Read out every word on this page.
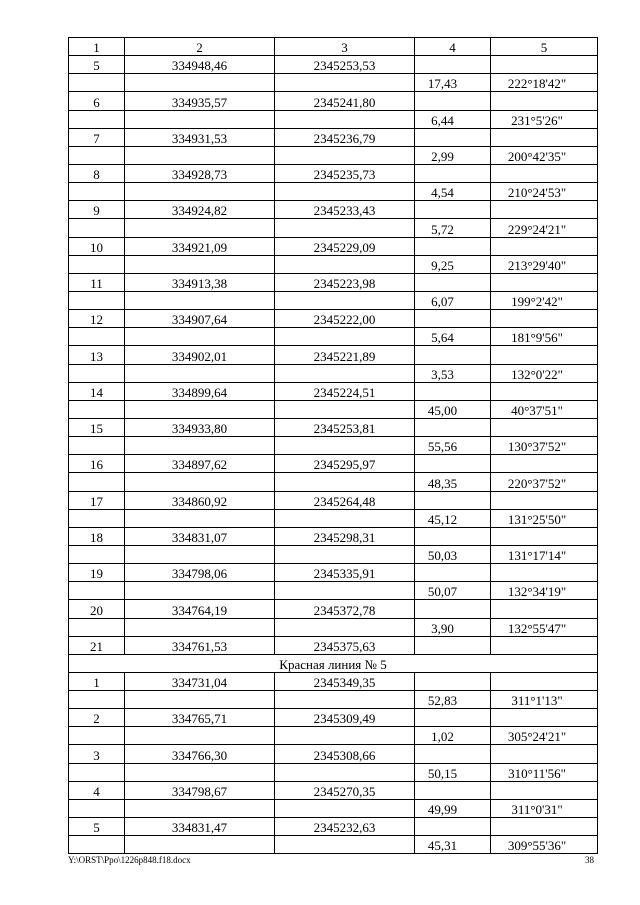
1	2	3	4	5
5	334948,46	2345253,53		
			17,43	222°18'42"
6	334935,57	2345241,80		
			6,44	231°5'26"
7	334931,53	2345236,79		
			2,99	200°42'35"
8	334928,73	2345235,73		
			4,54	210°24'53"
9	334924,82	2345233,43		
			5,72	229°24'21"
10	334921,09	2345229,09		
			9,25	213°29'40"
11	334913,38	2345223,98		
			6,07	199°2'42"
12	334907,64	2345222,00		
			5,64	181°9'56"
13	334902,01	2345221,89		
			3,53	132°0'22"
14	334899,64	2345224,51		
			45,00	40°37'51"
15	334933,80	2345253,81		
			55,56	130°37'52"
16	334897,62	2345295,97		
			48,35	220°37'52"
17	334860,92	2345264,48		
			45,12	131°25'50"
18	334831,07	2345298,31		
			50,03	131°17'14"
19	334798,06	2345335,91		
			50,07	132°34'19"
20	334764,19	2345372,78		
			3,90	132°55'47"
21	334761,53	2345375,63		
Красная линия № 5				
1	334731,04	2345349,35		
			52,83	311°1'13"
2	334765,71	2345309,49		
			1,02	305°24'21"
3	334766,30	2345308,66		
			50,15	310°11'56"
4	334798,67	2345270,35		
			49,99	311°0'31"
5	334831,47	2345232,63		
			45,31	309°55'36"
Y:\ORST\Ppo\1226p848.f18.docx	38
